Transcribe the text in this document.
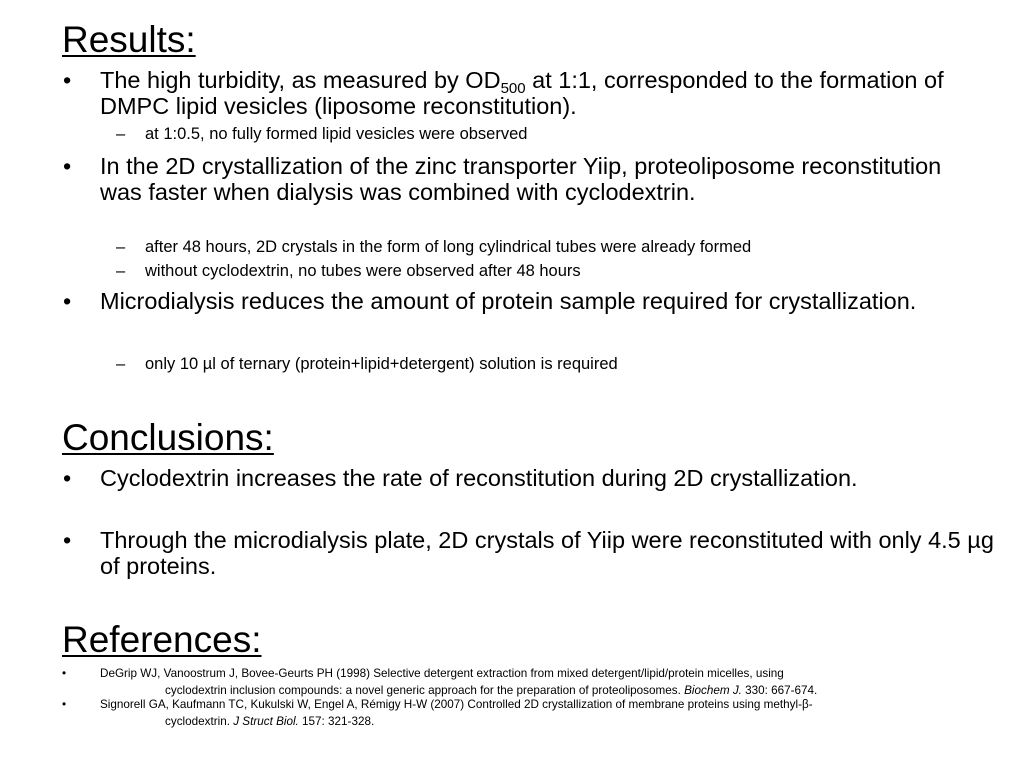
Results:
• The high turbidity, as measured by $OD_{500}$ at 1:1, corresponded to the formation of DMPC lipid vesicles (liposome reconstitution).
– at 1:0.5, no fully formed lipid vesicles were observed
• In the 2D crystallization of the zinc transporter Yiip, proteoliposome reconstitution was faster when dialysis was combined with cyclodextrin.
– after 48 hours, 2D crystals in the form of long cylindrical tubes were already formed
– without cyclodextrin, no tubes were observed after 48 hours
• Microdialysis reduces the amount of protein sample required for crystallization.
– only 10 µl of ternary (protein+lipid+detergent) solution is required
Conclusions:
• Cyclodextrin increases the rate of reconstitution during 2D crystallization.
• Through the microdialysis plate, 2D crystals of Yiip were reconstituted with only 4.5 µg of proteins.
References:
•	DeGrip WJ, Vanoostrum J, Bovee-Geurts PH (1998) Selective detergent extraction from mixed detergent/lipid/protein micelles, using
cyclodextrin inclusion compounds: a novel generic approach for the preparation of proteoliposomes. Biochem J. 330: 667-674.
•	Signorell GA, Kaufmann TC, Kukulski W, Engel A, Rémigy H-W (2007) Controlled 2D crystallization of membrane proteins using methyl-β-
cyclodextrin. J Struct Biol. 157: 321-328.
